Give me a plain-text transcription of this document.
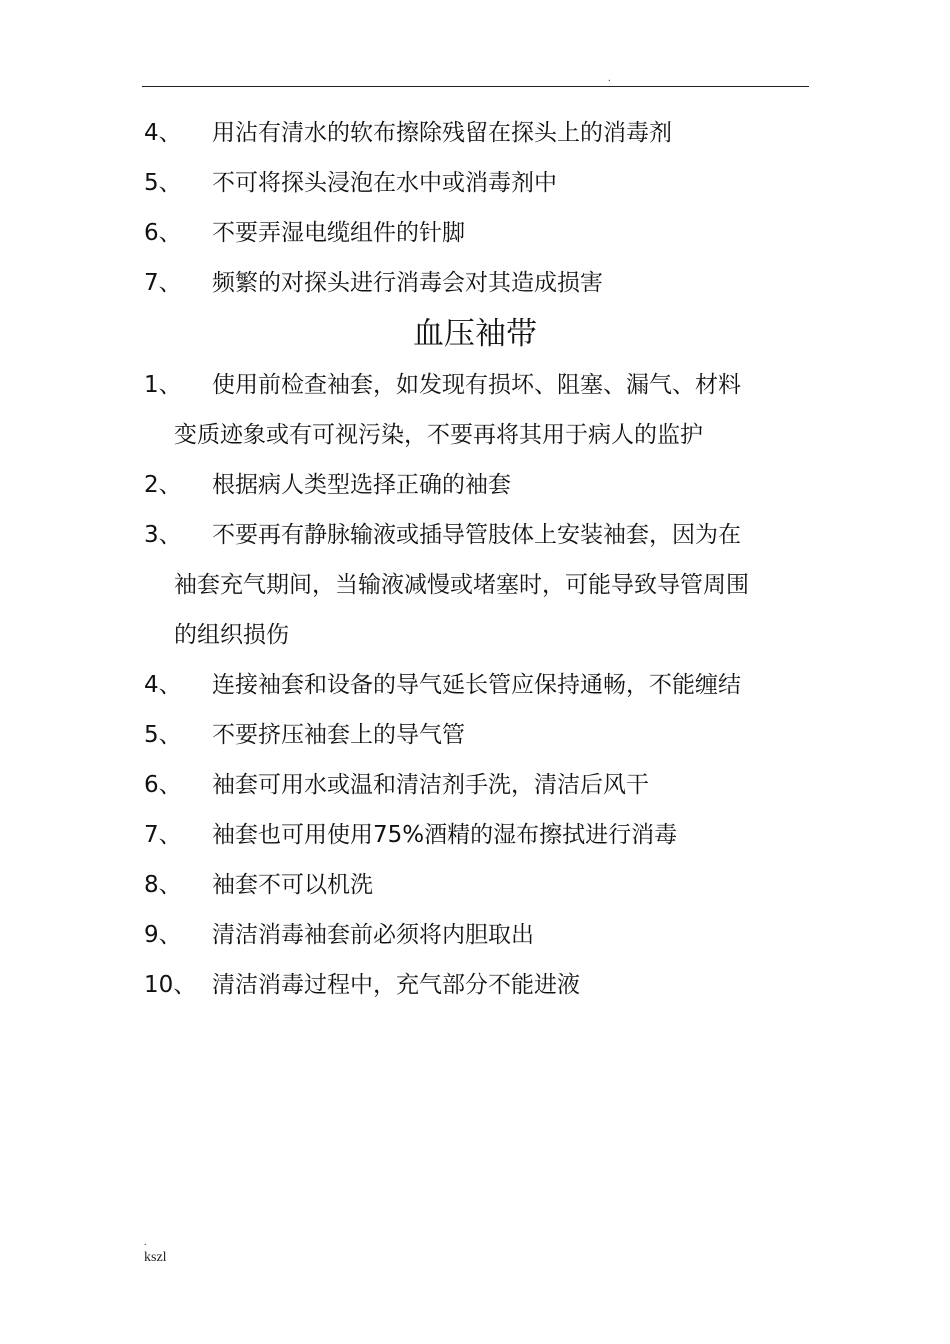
.
4、	用沾有清水的软布擦除残留在探头上的消毒剂
5、	不可将探头浸泡在水中或消毒剂中
6、	不要弄湿电缆组件的针脚
7、	频繁的对探头进行消毒会对其造成损害
血压袖带
1、	使用前检查袖套，如发现有损坏、阻塞、漏气、材料
变质迹象或有可视污染，不要再将其用于病人的监护
2、	根据病人类型选择正确的袖套
3、	不要再有静脉输液或插导管肢体上安装袖套，因为在
袖套充气期间，当输液减慢或堵塞时，可能导致导管周围
的组织损伤
4、	连接袖套和设备的导气延长管应保持通畅，不能缠结
5、	不要挤压袖套上的导气管
6、	袖套可用水或温和清洁剂手洗，清洁后风干
7、	袖套也可用使用75%酒精的湿布擦拭进行消毒
8、	袖套不可以机洗
9、	清洁消毒袖套前必须将内胆取出
10、 清洁消毒过程中，充气部分不能进液
.
kszl
